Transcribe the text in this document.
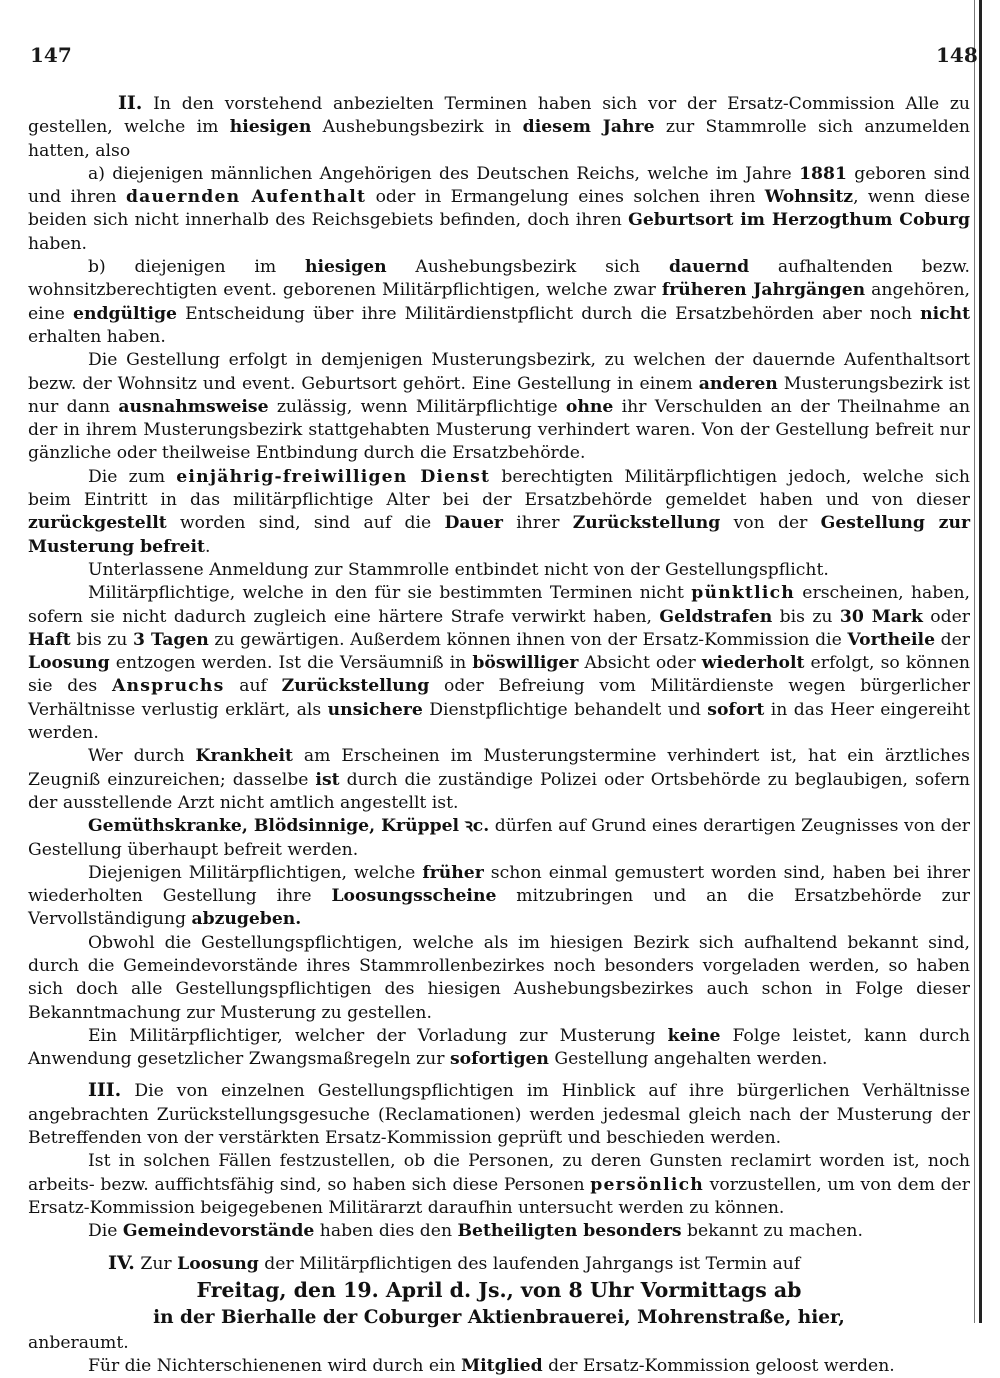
147	148

II. In den vorstehend anbezielten Terminen haben sich vor der Ersatz-Commission Alle zu gestellen, welche im hiesigen Aushebungsbezirk in diesem Jahre zur Stammrolle sich anzumelden hatten, also

a) diejenigen männlichen Angehörigen des Deutschen Reichs, welche im Jahre 1881 geboren sind und ihren dauernden Aufenthalt oder in Ermangelung eines solchen ihren Wohnsitz, wenn diese beiden sich nicht innerhalb des Reichsgebiets befinden, doch ihren Geburtsort im Herzogthum Coburg haben.

b) diejenigen im hiesigen Aushebungsbezirk sich dauernd aufhaltenden bezw. wohnsitzberechtigten event. geborenen Militärpflichtigen, welche zwar früheren Jahrgängen angehören, eine endgültige Entscheidung über ihre Militärdienstpflicht durch die Ersatzbehörden aber noch nicht erhalten haben.

Die Gestellung erfolgt in demjenigen Musterungsbezirk, zu welchen der dauernde Aufenthaltsort bezw. der Wohnsitz und event. Geburtsort gehört. Eine Gestellung in einem anderen Musterungsbezirk ist nur dann ausnahmsweise zulässig, wenn Militärpflichtige ohne ihr Verschulden an der Theilnahme an der in ihrem Musterungsbezirk stattgehabten Musterung verhindert waren. Von der Gestellung befreit nur gänzliche oder theilweise Entbindung durch die Ersatzbehörde.

Die zum einjährig-freiwilligen Dienst berechtigten Militärpflichtigen jedoch, welche sich beim Eintritt in das militärpflichtige Alter bei der Ersatzbehörde gemeldet haben und von dieser zurückgestellt worden sind, sind auf die Dauer ihrer Zurückstellung von der Gestellung zur Musterung befreit.

Unterlassene Anmeldung zur Stammrolle entbindet nicht von der Gestellungspflicht.

Militärpflichtige, welche in den für sie bestimmten Terminen nicht pünktlich erscheinen, haben, sofern sie nicht dadurch zugleich eine härtere Strafe verwirkt haben, Geldstrafen bis zu 30 Mark oder Haft bis zu 3 Tagen zu gewärtigen. Außerdem können ihnen von der Ersatz-Kommission die Vortheile der Loosung entzogen werden. Ist die Versäumniß in böswilliger Absicht oder wiederholt erfolgt, so können sie des Anspruchs auf Zurückstellung oder Befreiung vom Militärdienste wegen bürgerlicher Verhältnisse verlustig erklärt, als unsichere Dienstpflichtige behandelt und sofort in das Heer eingereiht werden.

Wer durch Krankheit am Erscheinen im Musterungstermine verhindert ist, hat ein ärztliches Zeugniß einzureichen; dasselbe ist durch die zuständige Polizei oder Ortsbehörde zu beglaubigen, sofern der ausstellende Arzt nicht amtlich angestellt ist.

Gemüthskranke, Blödsinnige, Krüppel ꝛc. dürfen auf Grund eines derartigen Zeugnisses von der Gestellung überhaupt befreit werden.

Diejenigen Militärpflichtigen, welche früher schon einmal gemustert worden sind, haben bei ihrer wiederholten Gestellung ihre Loosungsscheine mitzubringen und an die Ersatzbehörde zur Vervollständigung abzugeben.

Obwohl die Gestellungspflichtigen, welche als im hiesigen Bezirk sich aufhaltend bekannt sind, durch die Gemeindevorstände ihres Stammrollenbezirkes noch besonders vorgeladen werden, so haben sich doch alle Gestellungspflichtigen des hiesigen Aushebungsbezirkes auch schon in Folge dieser Bekanntmachung zur Musterung zu gestellen.

Ein Militärpflichtiger, welcher der Vorladung zur Musterung keine Folge leistet, kann durch Anwendung gesetzlicher Zwangsmaßregeln zur sofortigen Gestellung angehalten werden.

III. Die von einzelnen Gestellungspflichtigen im Hinblick auf ihre bürgerlichen Verhältnisse angebrachten Zurückstellungsgesuche (Reclamationen) werden jedesmal gleich nach der Musterung der Betreffenden von der verstärkten Ersatz-Kommission geprüft und beschieden werden.

Ist in solchen Fällen festzustellen, ob die Personen, zu deren Gunsten reclamirt worden ist, noch arbeits- bezw. auffichtsfähig sind, so haben sich diese Personen persönlich vorzustellen, um von dem der Ersatz-Kommission beigegebenen Militärarzt daraufhin untersucht werden zu können.

Die Gemeindevorstände haben dies den Betheiligten besonders bekannt zu machen.

IV. Zur Loosung der Militärpflichtigen des laufenden Jahrgangs ist Termin auf

Freitag, den 19. April d. Js., von 8 Uhr Vormittags ab

in der Bierhalle der Coburger Aktienbrauerei, Mohrenstraße, hier,

anberaumt.

Für die Nichterschienenen wird durch ein Mitglied der Ersatz-Kommission geloost werden.
